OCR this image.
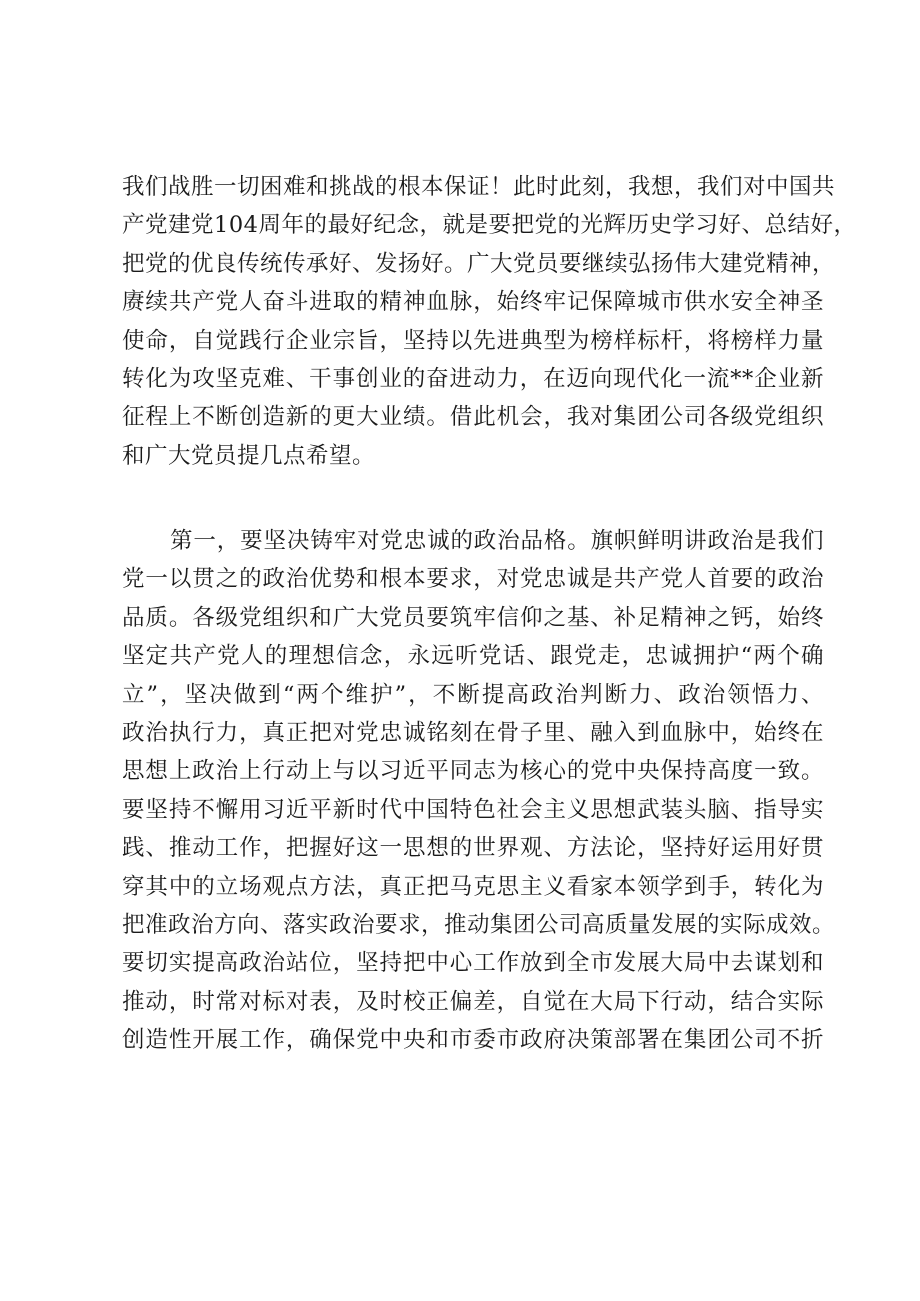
我们战胜一切困难和挑战的根本保证！此时此刻，我想，我们对中国共
产党建党104周年的最好纪念，就是要把党的光辉历史学习好、总结好，
把党的优良传统传承好、发扬好。广大党员要继续弘扬伟大建党精神，
赓续共产党人奋斗进取的精神血脉，始终牢记保障城市供水安全神圣
使命，自觉践行企业宗旨，坚持以先进典型为榜样标杆，将榜样力量
转化为攻坚克难、干事创业的奋进动力，在迈向现代化一流**企业新
征程上不断创造新的更大业绩。借此机会，我对集团公司各级党组织
和广大党员提几点希望。
第一，要坚决铸牢对党忠诚的政治品格。旗帜鲜明讲政治是我们
党一以贯之的政治优势和根本要求，对党忠诚是共产党人首要的政治
品质。各级党组织和广大党员要筑牢信仰之基、补足精神之钙，始终
坚定共产党人的理想信念，永远听党话、跟党走，忠诚拥护“两个确
立”，坚决做到“两个维护”，不断提高政治判断力、政治领悟力、
政治执行力，真正把对党忠诚铭刻在骨子里、融入到血脉中，始终在
思想上政治上行动上与以习近平同志为核心的党中央保持高度一致。
要坚持不懈用习近平新时代中国特色社会主义思想武装头脑、指导实
践、推动工作，把握好这一思想的世界观、方法论，坚持好运用好贯
穿其中的立场观点方法，真正把马克思主义看家本领学到手，转化为
把准政治方向、落实政治要求，推动集团公司高质量发展的实际成效。
要切实提高政治站位，坚持把中心工作放到全市发展大局中去谋划和
推动，时常对标对表，及时校正偏差，自觉在大局下行动，结合实际
创造性开展工作，确保党中央和市委市政府决策部署在集团公司不折
